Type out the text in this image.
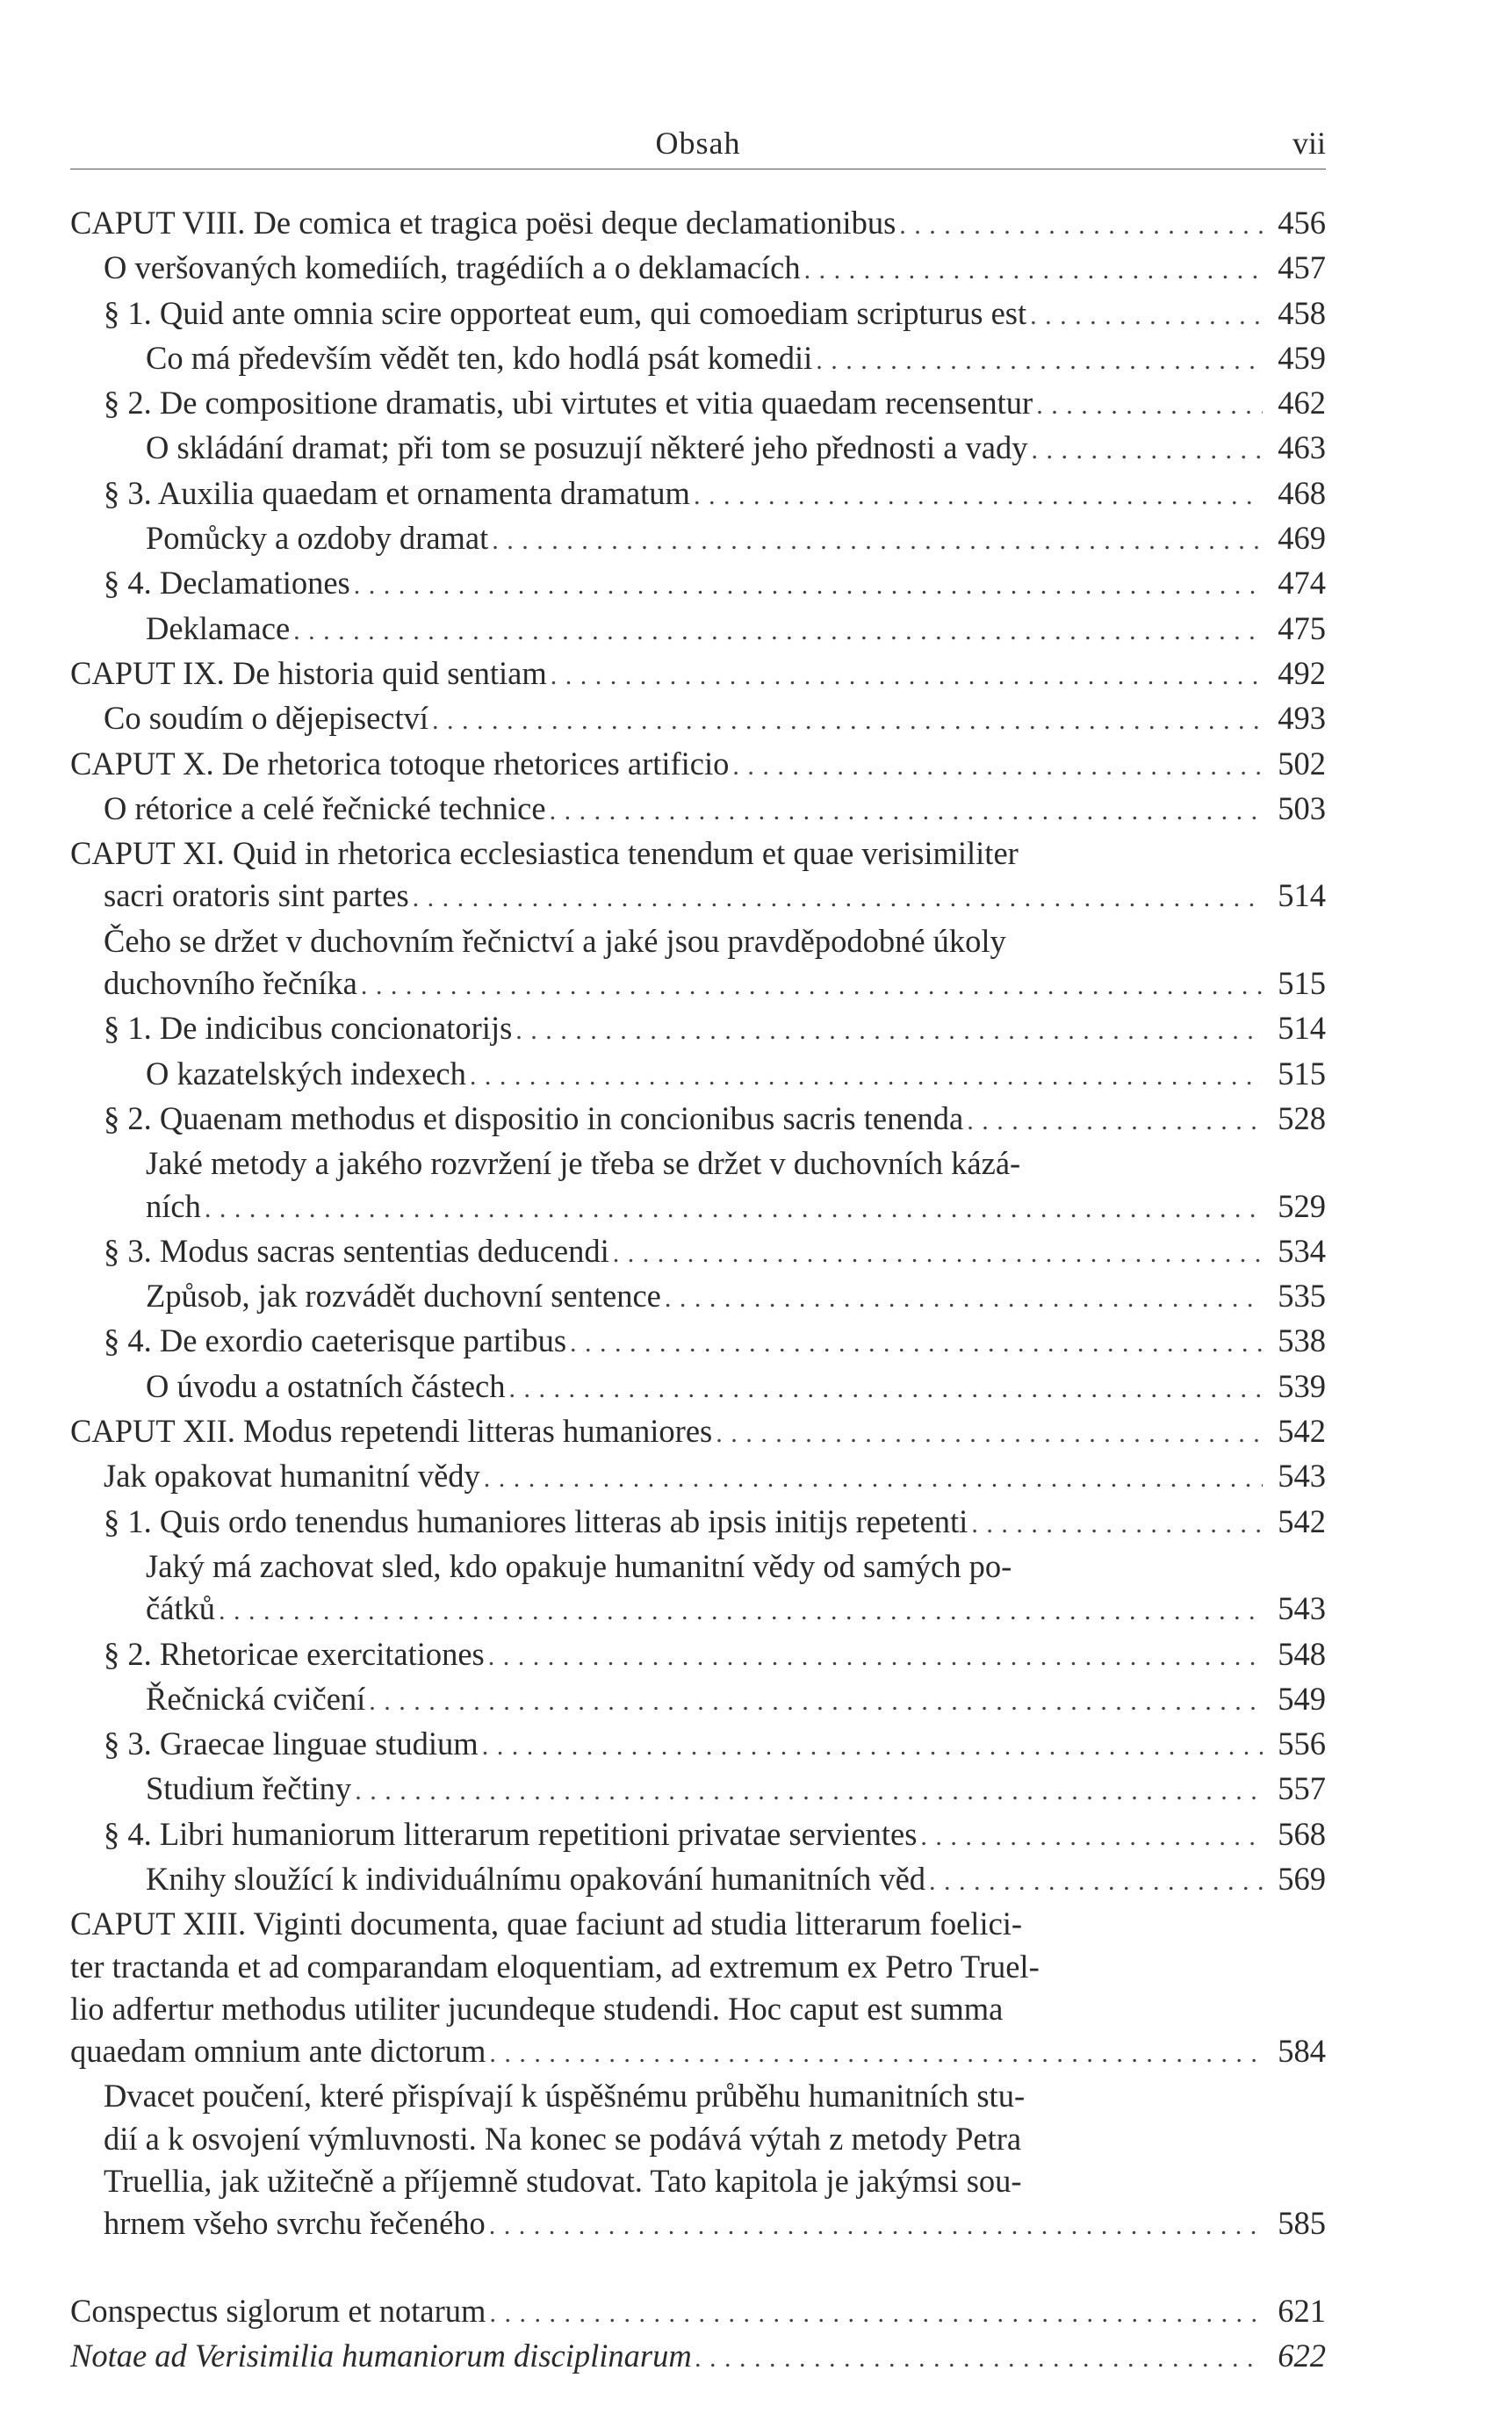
Obsah	vii
CAPUT VIII. De comica et tragica poësi deque declamationibus . . .	456
O veršovaných komediích, tragédiích a o deklamacích . . .	457
§ 1. Quid ante omnia scire opporteat eum, qui comoediam scripturus est . . .	458
Co má především vědět ten, kdo hodlá psát komedii . . .	459
§ 2. De compositione dramatis, ubi virtutes et vitia quaedam recensentur . . .	462
O skládání dramat; při tom se posuzují některé jeho přednosti a vady . . .	463
§ 3. Auxilia quaedam et ornamenta dramatum . . .	468
Pomůcky a ozdoby dramat . . .	469
§ 4. Declamationes . . .	474
Deklamace . . .	475
CAPUT IX. De historia quid sentiam . . .	492
Co soudím o dějepisectví . . .	493
CAPUT X. De rhetorica totoque rhetorices artificio . . .	502
O rétorice a celé řečnické technice . . .	503
CAPUT XI. Quid in rhetorica ecclesiastica tenendum et quae verisimiliter
sacri oratoris sint partes . . .	514
Čeho se držet v duchovním řečnictví a jaké jsou pravděpodobné úkoly
duchovního řečníka . . .	515
§ 1. De indicibus concionatorijs . . .	514
O kazatelských indexech . . .	515
§ 2. Quaenam methodus et dispositio in concionibus sacris tenenda . . .	528
Jaké metody a jakého rozvržení je třeba se držet v duchovních kázá-
ních . . .	529
§ 3. Modus sacras sententias deducendi . . .	534
Způsob, jak rozvádět duchovní sentence . . .	535
§ 4. De exordio caeterisque partibus . . .	538
O úvodu a ostatních částech . . .	539
CAPUT XII. Modus repetendi litteras humaniores . . .	542
Jak opakovat humanitní vědy . . .	543
§ 1. Quis ordo tenendus humaniores litteras ab ipsis initijs repetenti . . .	542
Jaký má zachovat sled, kdo opakuje humanitní vědy od samých po-
čátků . . .	543
§ 2. Rhetoricae exercitationes . . .	548
Řečnická cvičení . . .	549
§ 3. Graecae linguae studium . . .	556
Studium řečtiny . . .	557
§ 4. Libri humaniorum litterarum repetitioni privatae servientes . . .	568
Knihy sloužící k individuálnímu opakování humanitních věd . . .	569
CAPUT XIII. Viginti documenta, quae faciunt ad studia litterarum foelici-
ter tractanda et ad comparandam eloquentiam, ad extremum ex Petro Truel-
lio adfertur methodus utiliter jucundeque studendi. Hoc caput est summa
quaedam omnium ante dictorum . . .	584
Dvacet poučení, které přispívají k úspěšnému průběhu humanitních stu-
dií a k osvojení výmluvnosti. Na konec se podává výtah z metody Petra
Truellia, jak užitečně a příjemně studovat. Tato kapitola je jakýmsi sou-
hrnem všeho svrchu řečeného . . .	585
Conspectus siglorum et notarum . . .	621
Notae ad Verisimilia humaniorum disciplinarum . . .	622
